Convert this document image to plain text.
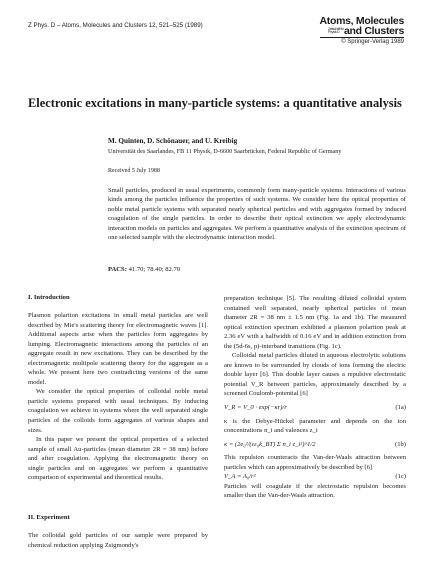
Z Phys. D – Atoms, Molecules and Clusters 12, 521–525 (1989)	Atoms, Molecules
Zeitschrift für Physik D and Clusters
© Springer-Verlag 1989
Electronic excitations in many-particle systems: a quantitative analysis
M. Quinten, D. Schönauer, and U. Kreibig
Universität des Saarlandes, FB 11 Physik, D-6600 Saarbrücken, Federal Republic of Germany
Received 5 July 1988
Small particles, produced in usual experiments, commonly form many-particle systems. Interactions of various kinds among the particles influence the properties of such systems. We consider here the optical properties of noble metal particle systems with separated nearly spherical particles and with aggregates formed by induced coagulation of the single particles. In order to describe their optical extinction we apply electrodynamic interaction models on particles and aggregates. We perform a quantitative analysis of the extinction spectrum of one selected sample with the electrodynamic interaction model.
PACS: 41.70; 78.40; 82.70
I. Introduction

Plasmon polariton excitations in small metal particles are well described by Mie's scattering theory for electromagnetic waves [1]. Additional aspects arise when the particles form aggregates by lumping. Electromagnetic interactions among the particles of an aggregate result in new excitations. They can be described by the electromagnetic multipole scattering theory for the aggregate as a whole. We present here two contradicting versions of the same model.

We consider the optical properties of colloidal noble metal particle systems prepared with usual techniques. By inducing coagulation we achieve in systems where the well separated single particles of the colloids form aggregates of various shapes and sizes.

In this paper we present the optical properties of a selected sample of small Au-particles (mean diameter 2R = 38 nm) before and after coagulation. Applying the electromagnetic theory on single particles and on aggregates we perform a quantitative comparison of experimental and theoretical results.

II. Experiment

The colloidal gold particles of our sample were prepared by chemical reduction applying Zsigmondy's

preparation technique [5]. The resulting diluted colloidal system contained well separated, nearly spherical particles of mean diameter 2R = 38 nm ± 1.5 nm (Fig. 1a and 1b). The measured optical extinction spectrum exhibited a plasmon polariton peak at 2.36 eV with a halfwidth of 0.16 eV and in addition extinction from the (5d-6s, p)-interband transitions (Fig. 1c).

Colloidal metal particles diluted in aqueous electrolytic solutions are known to be surrounded by clouds of ions forming the electric double layer [6]. This double layer causes a repulsive electrostatic potential V_R between particles, approximately described by a screened Coulomb-potential [6]

V_R = V_0 · exp(−κr)/r	(1a)

κ is the Debye-Hückel parameter and depends on the ion concentrations n_i and valences z_i

κ = (2e₀²/(εε₀k_BT) Σ n_i z_i²)^1/2	(1b)

This repulsion counteracts the Van-der-Waals attraction between particles which can approximatively be described by [6]

V_A = A₀/r²	(1c)

Particles will coagulate if the electrostatic repulsion becomes smaller than the Van-der-Waals attraction.
